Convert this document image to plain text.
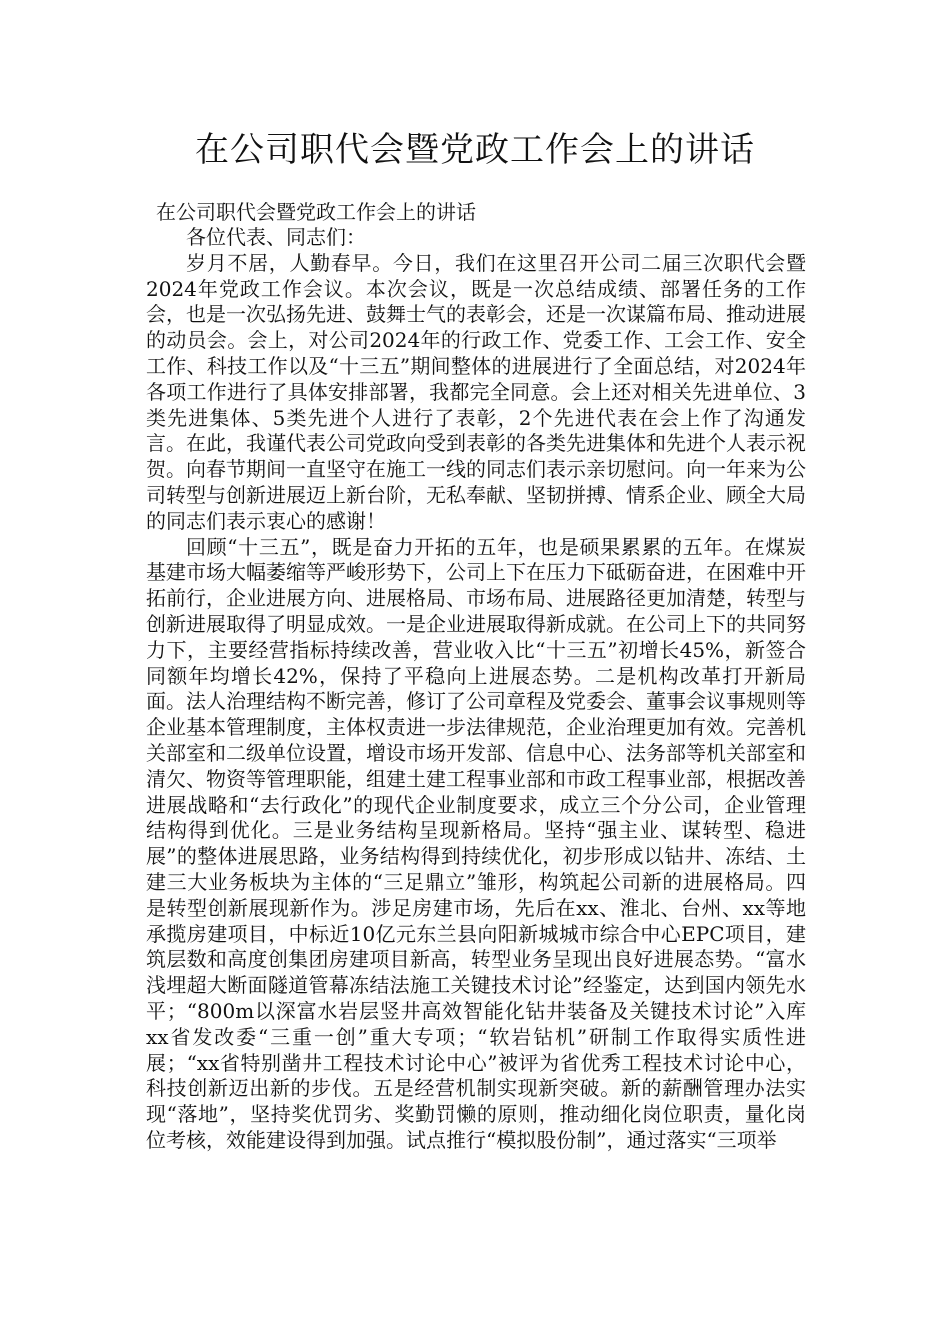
在公司职代会暨党政工作会上的讲话
在公司职代会暨党政工作会上的讲话

各位代表、同志们：

岁月不居，人勤春早。今日，我们在这里召开公司二届三次职代会暨2024年党政工作会议。本次会议，既是一次总结成绩、部署任务的工作会，也是一次弘扬先进、鼓舞士气的表彰会，还是一次谋篇布局、推动进展的动员会。会上，对公司2024年的行政工作、党委工作、工会工作、安全工作、科技工作以及“十三五”期间整体的进展进行了全面总结，对2024年各项工作进行了具体安排部署，我都完全同意。会上还对相关先进单位、3类先进集体、5类先进个人进行了表彰，2个先进代表在会上作了沟通发言。在此，我谨代表公司党政向受到表彰的各类先进集体和先进个人表示祝贺。向春节期间一直坚守在施工一线的同志们表示亲切慰问。向一年来为公司转型与创新进展迈上新台阶，无私奉献、坚韧拼搏、情系企业、顾全大局的同志们表示衷心的感谢！

回顾“十三五”，既是奋力开拓的五年，也是硕果累累的五年。在煤炭基建市场大幅萎缩等严峻形势下，公司上下在压力下砥砺奋进，在困难中开拓前行，企业进展方向、进展格局、市场布局、进展路径更加清楚，转型与创新进展取得了明显成效。一是企业进展取得新成就。在公司上下的共同努力下，主要经营指标持续改善，营业收入比“十三五”初增长45%，新签合同额年均增长42%，保持了平稳向上进展态势。二是机构改革打开新局面。法人治理结构不断完善，修订了公司章程及党委会、董事会议事规则等企业基本管理制度，主体权责进一步法律规范，企业治理更加有效。完善机关部室和二级单位设置，增设市场开发部、信息中心、法务部等机关部室和清欠、物资等管理职能，组建土建工程事业部和市政工程事业部，根据改善进展战略和“去行政化”的现代企业制度要求，成立三个分公司，企业管理结构得到优化。三是业务结构呈现新格局。坚持“强主业、谋转型、稳进展”的整体进展思路，业务结构得到持续优化，初步形成以钻井、冻结、土建三大业务板块为主体的“三足鼎立”雏形，构筑起公司新的进展格局。四是转型创新展现新作为。涉足房建市场，先后在xx、淮北、台州、xx等地承揽房建项目，中标近10亿元东兰县向阳新城城市综合中心EPC项目，建筑层数和高度创集团房建项目新高，转型业务呈现出良好进展态势。“富水浅埋超大断面隧道管幕冻结法施工关键技术讨论”经鉴定，达到国内领先水平；“800m以深富水岩层竖井高效智能化钻井装备及关键技术讨论”入库xx省发改委“三重一创”重大专项；“软岩钻机”研制工作取得实质性进展；“xx省特别凿井工程技术讨论中心”被评为省优秀工程技术讨论中心，科技创新迈出新的步伐。五是经营机制实现新突破。新的薪酬管理办法实现“落地”，坚持奖优罚劣、奖勤罚懒的原则，推动细化岗位职责，量化岗位考核，效能建设得到加强。试点推行“模拟股份制”，通过落实“三项举
